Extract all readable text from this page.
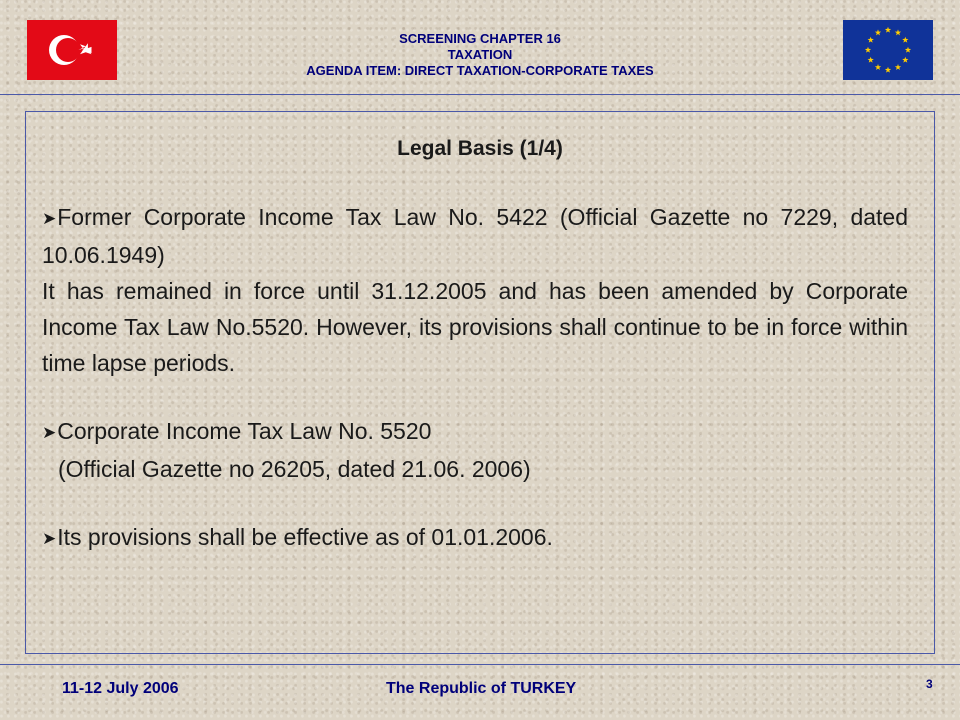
SCREENING CHAPTER 16
TAXATION
AGENDA ITEM: DIRECT TAXATION-CORPORATE TAXES
Legal Basis (1/4)
➤Former Corporate Income Tax Law No. 5422 (Official Gazette no 7229, dated 10.06.1949)
It has remained in force until 31.12.2005 and has been amended by Corporate Income Tax Law No.5520. However, its provisions shall continue to be in force within time lapse periods.
➤Corporate Income Tax Law No. 5520
(Official Gazette no 26205, dated 21.06. 2006)
➤Its provisions shall be effective as of 01.01.2006.
11-12 July 2006	The Republic of TURKEY	3
